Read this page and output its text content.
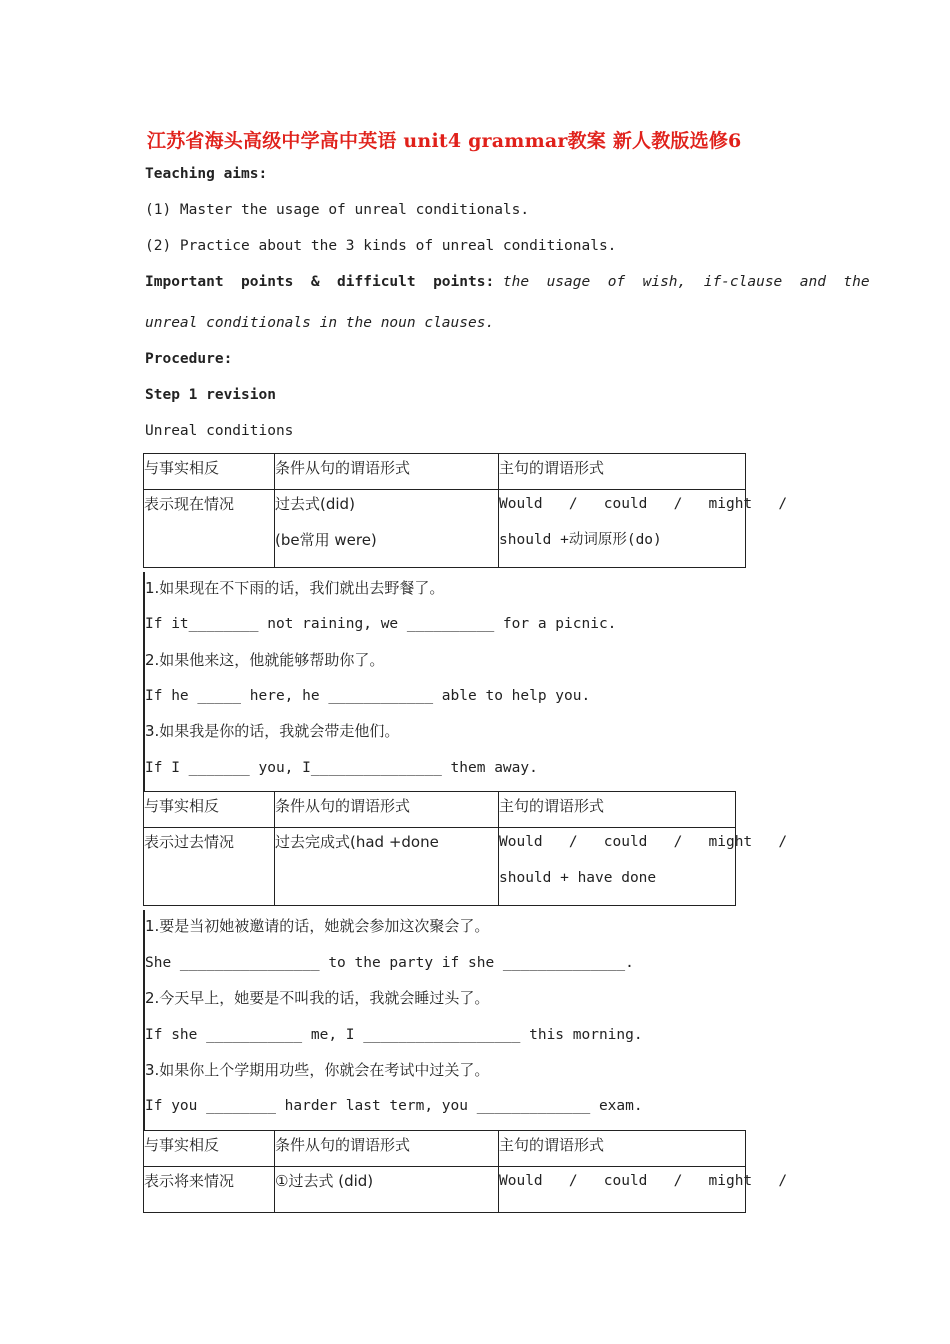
江苏省海头高级中学高中英语 unit4 grammar教案 新人教版选修6
Teaching aims:
(1) Master the usage of unreal conditionals.
(2) Practice about the 3 kinds of unreal conditionals.
Important  points  &  difficult  points: the  usage  of  wish,  if-clause  and  the
unreal conditionals in the noun clauses.
Procedure:
Step 1 revision
Unreal conditions
与事实相反	条件从句的谓语形式	主句的谓语形式

表示现在情况	过去式(did)
(be常用 were)	Would   /   could   /   might   /
should +动词原形(do)
1.如果现在不下雨的话，我们就出去野餐了。
If it________ not raining, we __________ for a picnic.
2.如果他来这，他就能够帮助你了。
If he _____ here, he ____________ able to help you.
3.如果我是你的话，我就会带走他们。
If I _______ you, I_______________ them away.
与事实相反	条件从句的谓语形式	主句的谓语形式

表示过去情况	过去完成式(had +done	Would   /   could   /   might   /
should + have done
1.要是当初她被邀请的话，她就会参加这次聚会了。
She ________________ to the party if she ______________.
2.今天早上，她要是不叫我的话，我就会睡过头了。
If she ___________ me, I __________________ this morning.
3.如果你上个学期用功些，你就会在考试中过关了。
If you ________ harder last term, you _____________ exam.
与事实相反	条件从句的谓语形式	主句的谓语形式

表示将来情况	①过去式 (did)	Would   /   could   /   might   /
